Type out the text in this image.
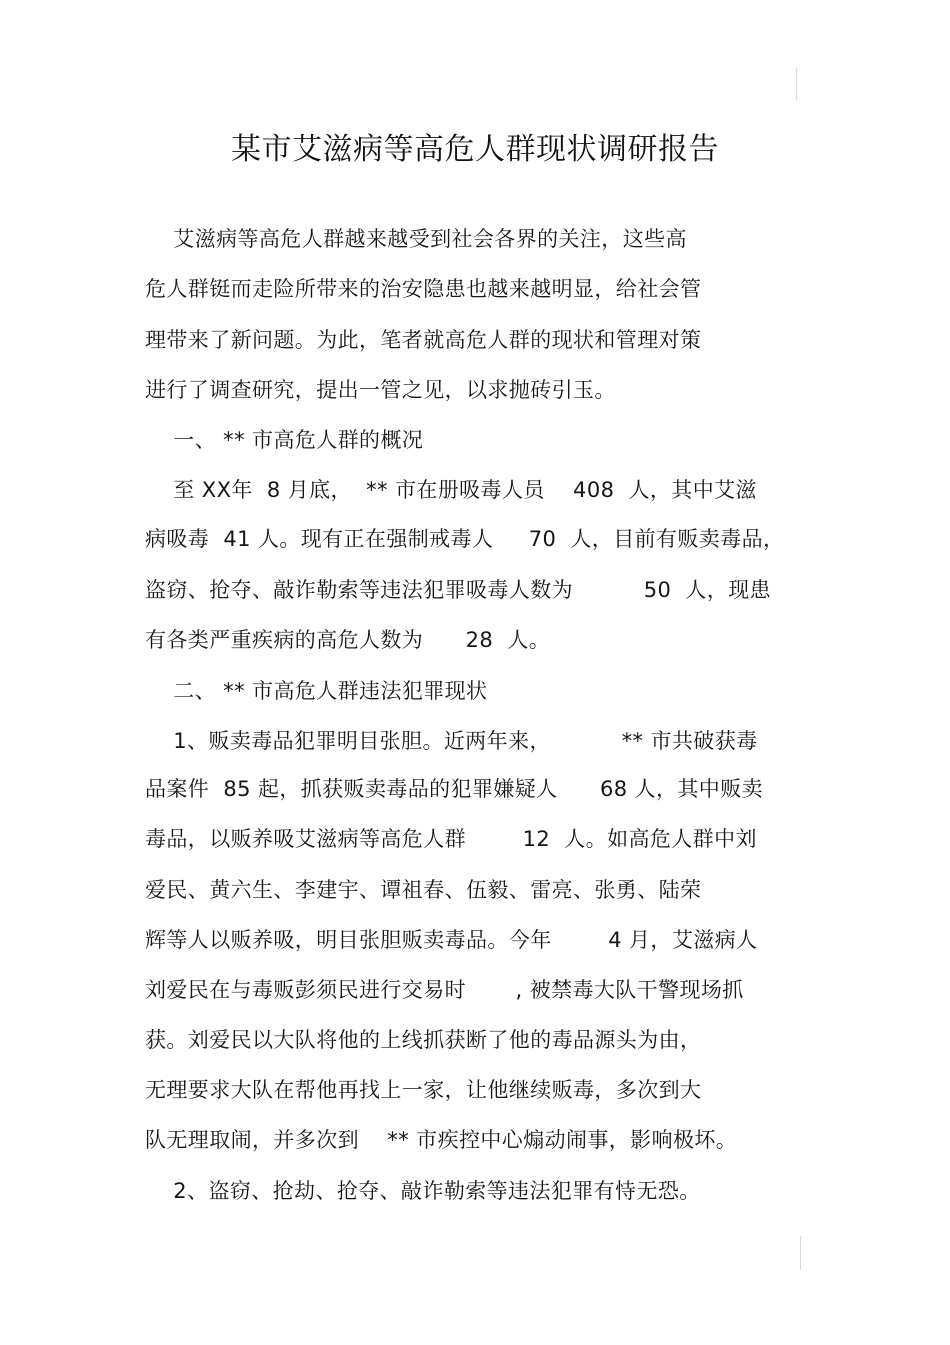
某市艾滋病等高危人群现状调研报告
艾滋病等高危人群越来越受到社会各界的关注，这些高
危人群铤而走险所带来的治安隐患也越来越明显，给社会管
理带来了新问题。为此，笔者就高危人群的现状和管理对策
进行了调查研究，提出一管之见，以求抛砖引玉。
一、 ** 市高危人群的概况
至 XX年  8 月底，  ** 市在册吸毒人员    408  人，其中艾滋
病吸毒  41 人。现有正在强制戒毒人     70  人，目前有贩卖毒品，
盗窃、抢夺、敲诈勒索等违法犯罪吸毒人数为          50  人，现患
有各类严重疾病的高危人数为      28  人。
二、 ** 市高危人群违法犯罪现状
1、贩卖毒品犯罪明目张胆。近两年来，          ** 市共破获毒
品案件  85 起，抓获贩卖毒品的犯罪嫌疑人      68 人，其中贩卖
毒品，以贩养吸艾滋病等高危人群        12  人。如高危人群中刘
爱民、黄六生、李建宇、谭祖春、伍毅、雷亮、张勇、陆荣
辉等人以贩养吸，明目张胆贩卖毒品。今年        4 月，艾滋病人
刘爱民在与毒贩彭须民进行交易时       , 被禁毒大队干警现场抓
获。刘爱民以大队将他的上线抓获断了他的毒品源头为由，
无理要求大队在帮他再找上一家，让他继续贩毒，多次到大
队无理取闹，并多次到    ** 市疾控中心煽动闹事，影响极坏。
2、盗窃、抢劫、抢夺、敲诈勒索等违法犯罪有恃无恐。
